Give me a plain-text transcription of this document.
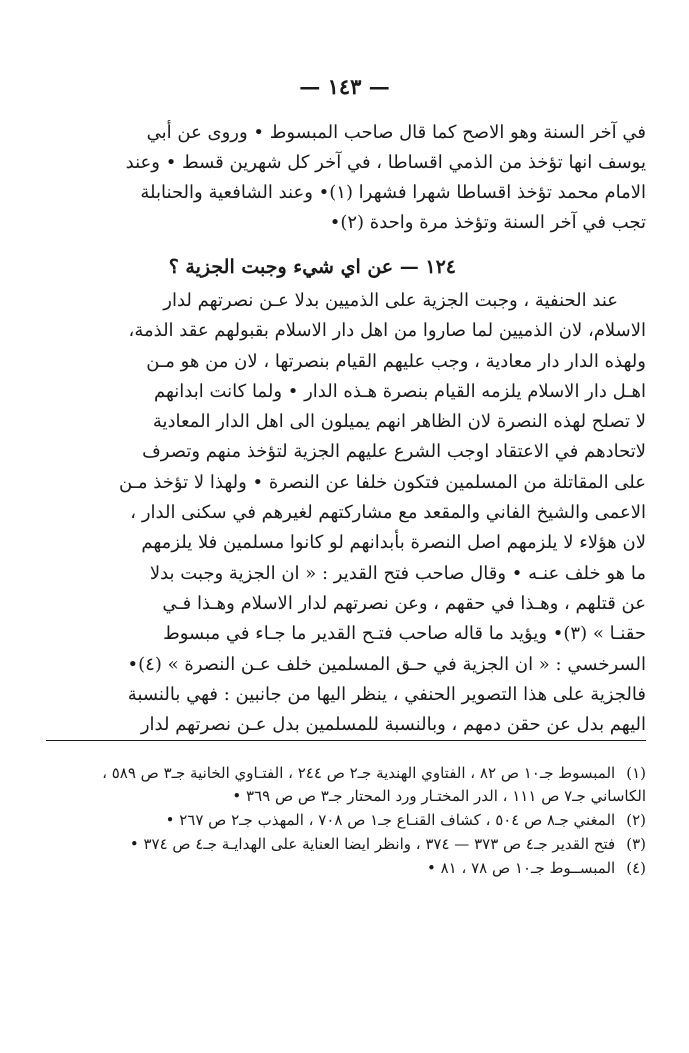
— ١٤٣ —
في آخر السنة وهو الاصح كما قال صاحب المبسوط • وروى عن أبي
يوسف انها تؤخذ من الذمي اقساطا ، في آخر كل شهرين قسط • وعند
الامام محمد تؤخذ اقساطا شهرا فشهرا (١)• وعند الشافعية والحنابلة
تجب في آخر السنة وتؤخذ مرة واحدة (٢)•
١٢٤ — عن اي شيء وجبت الجزية ؟
عند الحنفية ، وجبت الجزية على الذميين بدلا عـن نصرتهم لدار
الاسلام، لان الذميين لما صاروا من اهل دار الاسلام بقبولهم عقد الذمة،
ولهذه الدار دار معادية ، وجب عليهم القيام بنصرتها ، لان من هو مـن
اهـل دار الاسلام يلزمه القيام بنصرة هـذه الدار • ولما كانت ابدانهم
لا تصلح لهذه النصرة لان الظاهر انهم يميلون الى اهل الدار المعادية
لاتحادهم في الاعتقاد اوجب الشرع عليهم الجزية لتؤخذ منهم وتصرف
على المقاتلة من المسلمين فتكون خلفا عن النصرة • ولهذا لا تؤخذ مـن
الاعمى والشيخ الفاني والمقعد مع مشاركتهم لغيرهم في سكنى الدار ،
لان هؤلاء لا يلزمهم اصل النصرة بأبدانهم لو كانوا مسلمين فلا يلزمهم
ما هو خلف عنـه • وقال صاحب فتح القدير : « ان الجزية وجبت بدلا
عن قتلهم ، وهـذا في حقهم ، وعن نصرتهم لدار الاسلام وهـذا فـي
حقنـا » (٣)• ويؤيد ما قاله صاحب فتـح القدير ما جـاء في مبسوط
السرخسي : « ان الجزية في حـق المسلمين خلف عـن النصرة » (٤)•
فالجزية على هذا التصوير الحنفي ، ينظر اليها من جانبين : فهي بالنسبة
اليهم بدل عن حقن دمهم ، وبالنسبة للمسلمين بدل عـن نصرتهم لدار
(١) المبسوط جـ١٠ ص ٨٢ ، الفتاوي الهندية جـ٢ ص ٢٤٤ ، الفتـاوي الخانية جـ٣ ص ٥٨٩ ، الكاساني جـ٧ ص ١١١ ، الدر المختـار ورد المحتار جـ٣ ص ص ٣٦٩ •
(٢) المغني جـ٨ ص ٥٠٤ ، كشاف القنـاع جـ١ ص ٧٠٨ ، المهذب جـ٢ ص ٢٦٧ •
(٣) فتح القدير جـ٤ ص ٣٧٣ — ٣٧٤ ، وانظر ايضا العناية على الهدايـة جـ٤ ص ٣٧٤ •
(٤) المبســوط جـ١٠ ص ٧٨ ، ٨١ •
